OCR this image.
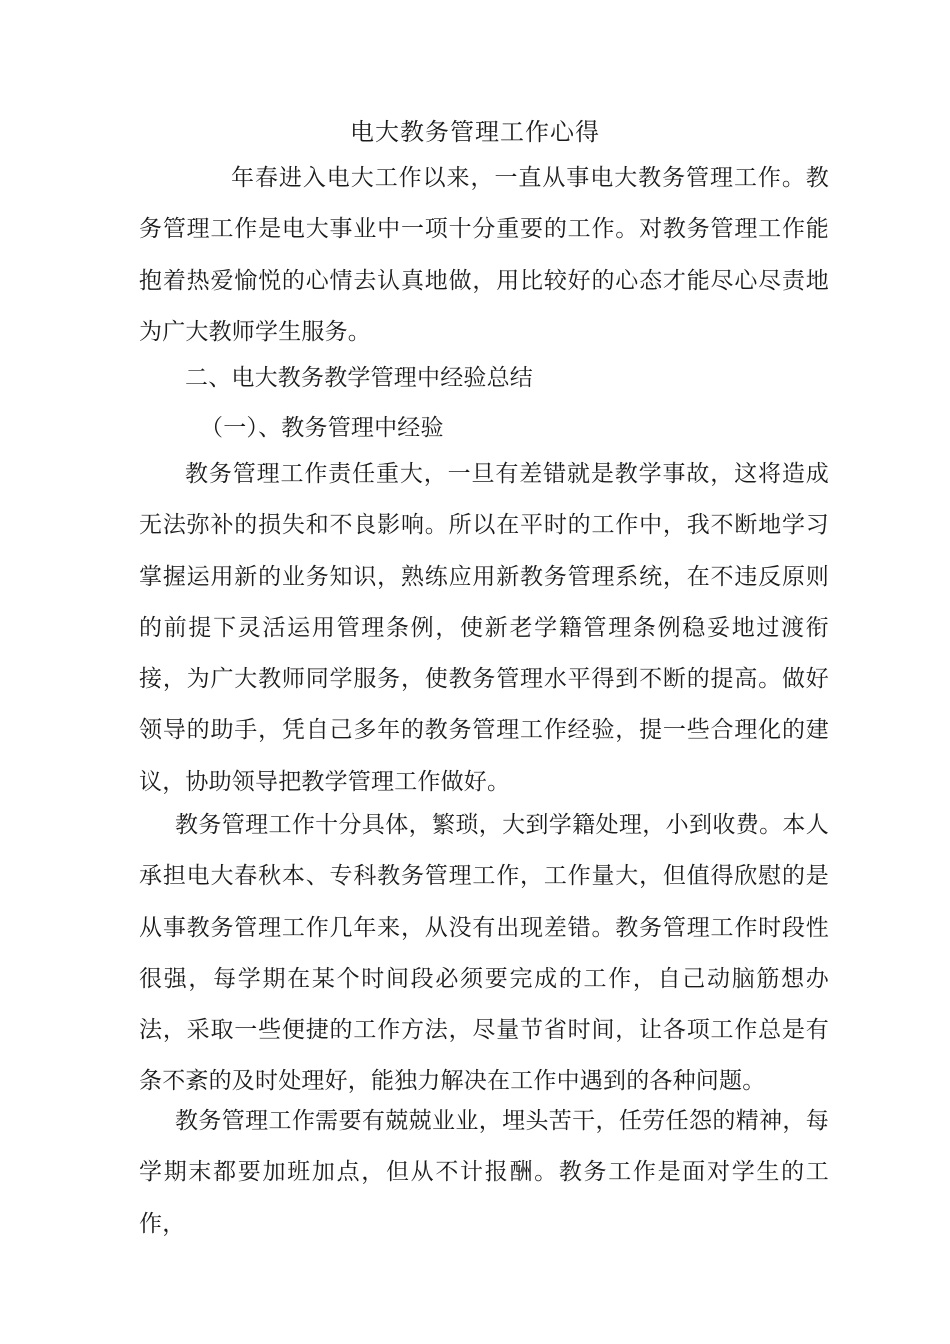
电大教务管理工作心得
年春进入电大工作以来，一直从事电大教务管理工作。教务管理工作是电大事业中一项十分重要的工作。对教务管理工作能抱着热爱愉悦的心情去认真地做，用比较好的心态才能尽心尽责地为广大教师学生服务。
二、电大教务教学管理中经验总结
（一）、教务管理中经验
教务管理工作责任重大，一旦有差错就是教学事故，这将造成无法弥补的损失和不良影响。所以在平时的工作中，我不断地学习掌握运用新的业务知识，熟练应用新教务管理系统，在不违反原则的前提下灵活运用管理条例，使新老学籍管理条例稳妥地过渡衔接，为广大教师同学服务，使教务管理水平得到不断的提高。做好领导的助手，凭自己多年的教务管理工作经验，提一些合理化的建议，协助领导把教学管理工作做好。
教务管理工作十分具体，繁琐，大到学籍处理，小到收费。本人承担电大春秋本、专科教务管理工作，工作量大，但值得欣慰的是从事教务管理工作几年来，从没有出现差错。教务管理工作时段性很强，每学期在某个时间段必须要完成的工作，自己动脑筋想办法，采取一些便捷的工作方法，尽量节省时间，让各项工作总是有条不紊的及时处理好，能独力解决在工作中遇到的各种问题。
教务管理工作需要有兢兢业业，埋头苦干，任劳任怨的精神，每学期末都要加班加点，但从不计报酬。教务工作是面对学生的工作，
